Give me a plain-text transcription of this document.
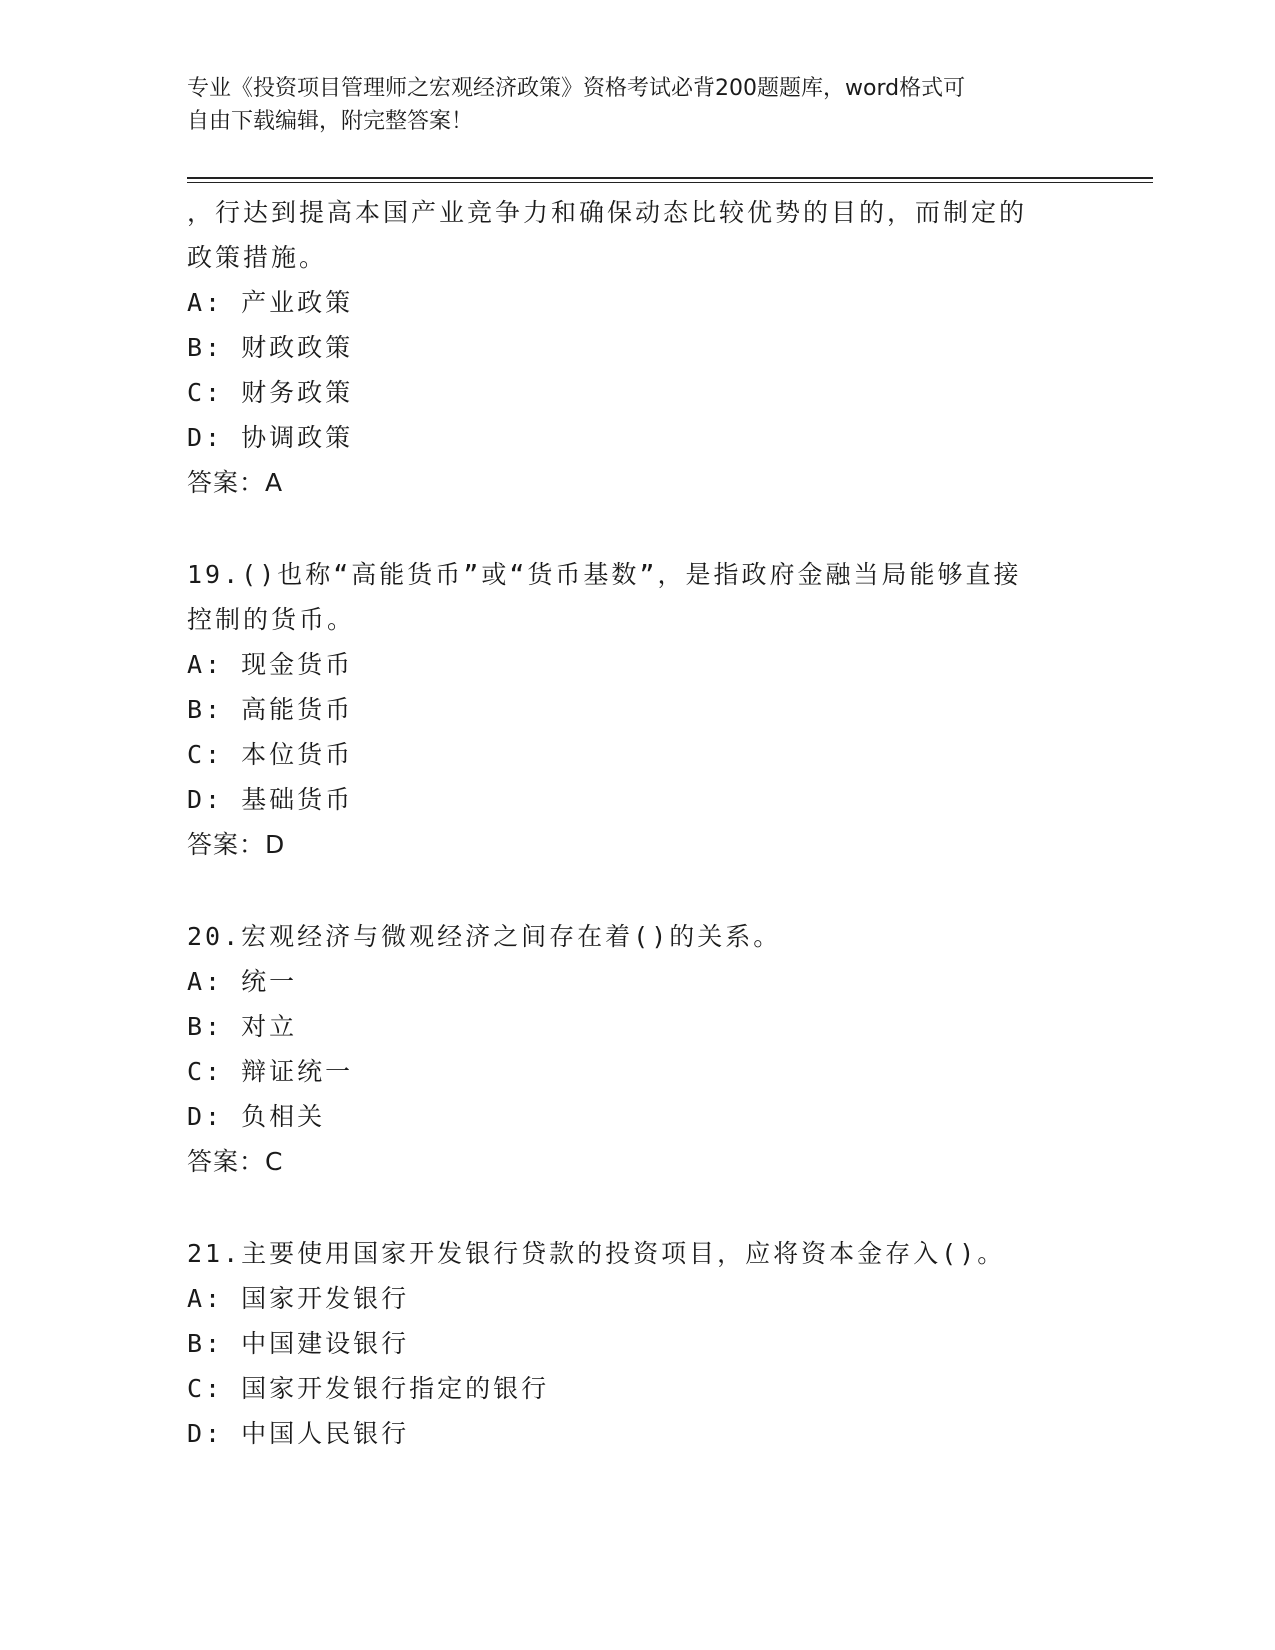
专业《投资项目管理师之宏观经济政策》资格考试必背200题题库，word格式可
自由下载编辑，附完整答案！
，行达到提高本国产业竞争力和确保动态比较优势的目的，而制定的
政策措施。
A: 产业政策
B: 财政政策
C: 财务政策
D: 协调政策
答案：A
19.()也称“高能货币”或“货币基数”，是指政府金融当局能够直接
控制的货币。
A: 现金货币
B: 高能货币
C: 本位货币
D: 基础货币
答案：D
20.宏观经济与微观经济之间存在着()的关系。
A: 统一
B: 对立
C: 辩证统一
D: 负相关
答案：C
21.主要使用国家开发银行贷款的投资项目，应将资本金存入()。
A: 国家开发银行
B: 中国建设银行
C: 国家开发银行指定的银行
D: 中国人民银行
